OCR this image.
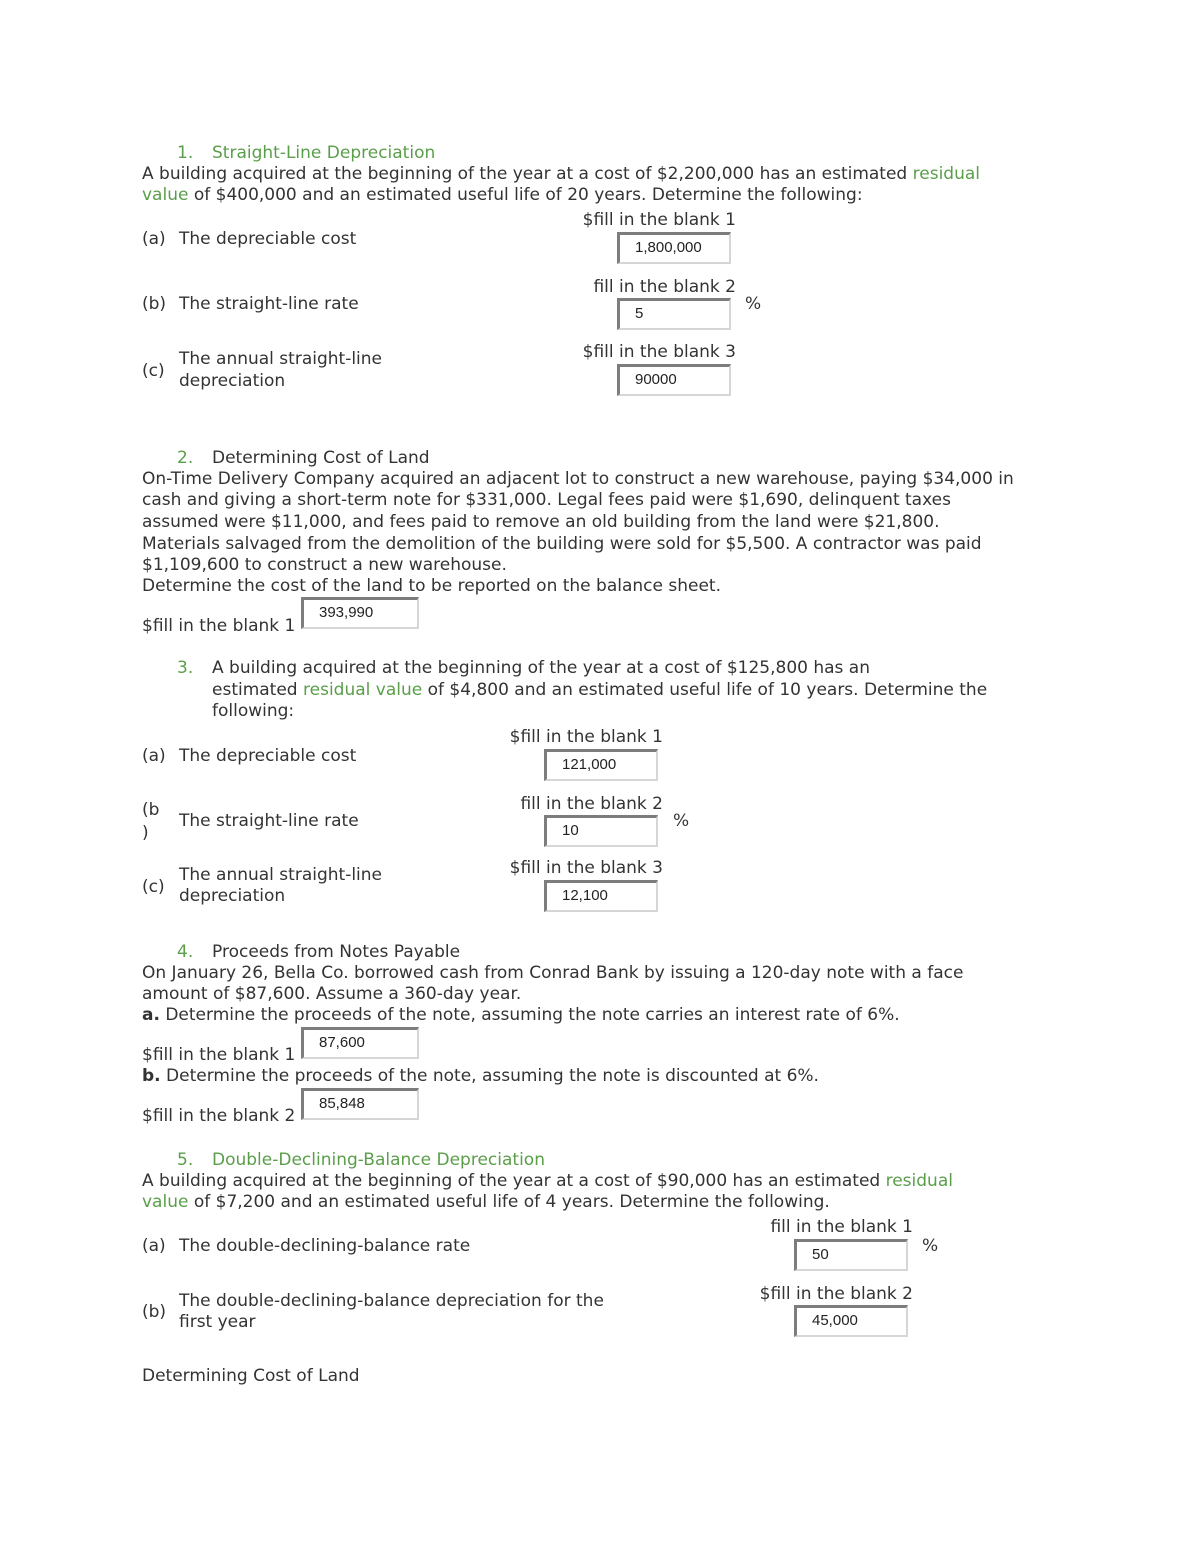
1. Straight-Line Depreciation
A building acquired at the beginning of the year at a cost of $2,200,000 has an estimated residual
value of $400,000 and an estimated useful life of 20 years. Determine the following:
(a) The depreciable cost
$fill in the blank 1
1,800,000
(b) The straight-line rate
fill in the blank 2
5	%
(c)
The annual straight-line
depreciation
$fill in the blank 3
90000
2. Determining Cost of Land
On-Time Delivery Company acquired an adjacent lot to construct a new warehouse, paying $34,000 in
cash and giving a short-term note for $331,000. Legal fees paid were $1,690, delinquent taxes
assumed were $11,000, and fees paid to remove an old building from the land were $21,800.
Materials salvaged from the demolition of the building were sold for $5,500. A contractor was paid
$1,109,600 to construct a new warehouse.
Determine the cost of the land to be reported on the balance sheet.
$fill in the blank 1
393,990
3. A building acquired at the beginning of the year at a cost of $125,800 has an
estimated residual value of $4,800 and an estimated useful life of 10 years. Determine the
following:
(a) The depreciable cost
$fill in the blank 1
121,000
(b
)
The straight-line rate
fill in the blank 2
10	%
(c)
The annual straight-line
depreciation
$fill in the blank 3
12,100
4. Proceeds from Notes Payable
On January 26, Bella Co. borrowed cash from Conrad Bank by issuing a 120-day note with a face
amount of $87,600. Assume a 360-day year.
a. Determine the proceeds of the note, assuming the note carries an interest rate of 6%.
$fill in the blank 1
87,600
b. Determine the proceeds of the note, assuming the note is discounted at 6%.
$fill in the blank 2
85,848
5. Double-Declining-Balance Depreciation
A building acquired at the beginning of the year at a cost of $90,000 has an estimated residual
value of $7,200 and an estimated useful life of 4 years. Determine the following.
(a) The double-declining-balance rate
fill in the blank 1
50	%
(b)
The double-declining-balance depreciation for the
first year
$fill in the blank 2
45,000
Determining Cost of Land
